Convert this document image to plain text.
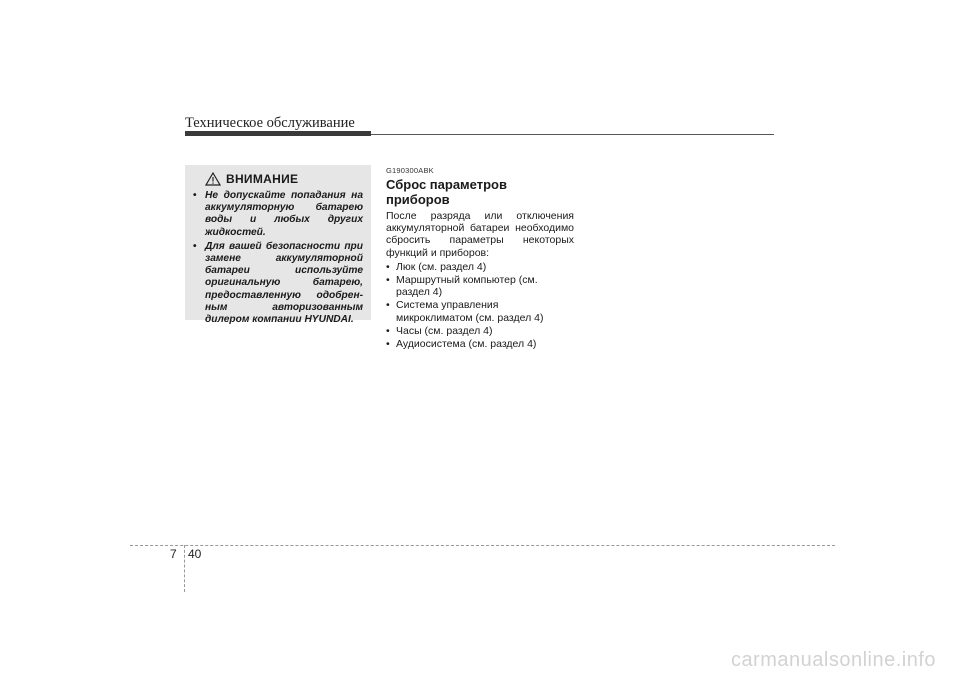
Техническое обслуживание
ВНИМАНИЕ
• Не допускайте попадания на аккумуляторную батарею воды и любых других жидкостей.
• Для вашей безопасности при замене аккумуляторной батареи используйте оригинальную батарею, предоставленную одобрен-ным авторизованным дилером компании HYUNDAI.
G190300ABK
Сброс параметров приборов

После разряда или отключения аккумуляторной батареи необходимо сбросить параметры некоторых функций и приборов:

• Люк (см. раздел 4)
• Маршрутный компьютер (см. раздел 4)
• Система управления микроклиматом (см. раздел 4)
• Часы (см. раздел 4)
• Аудиосистема (см. раздел 4)
7 40
carmanualsonline.info
